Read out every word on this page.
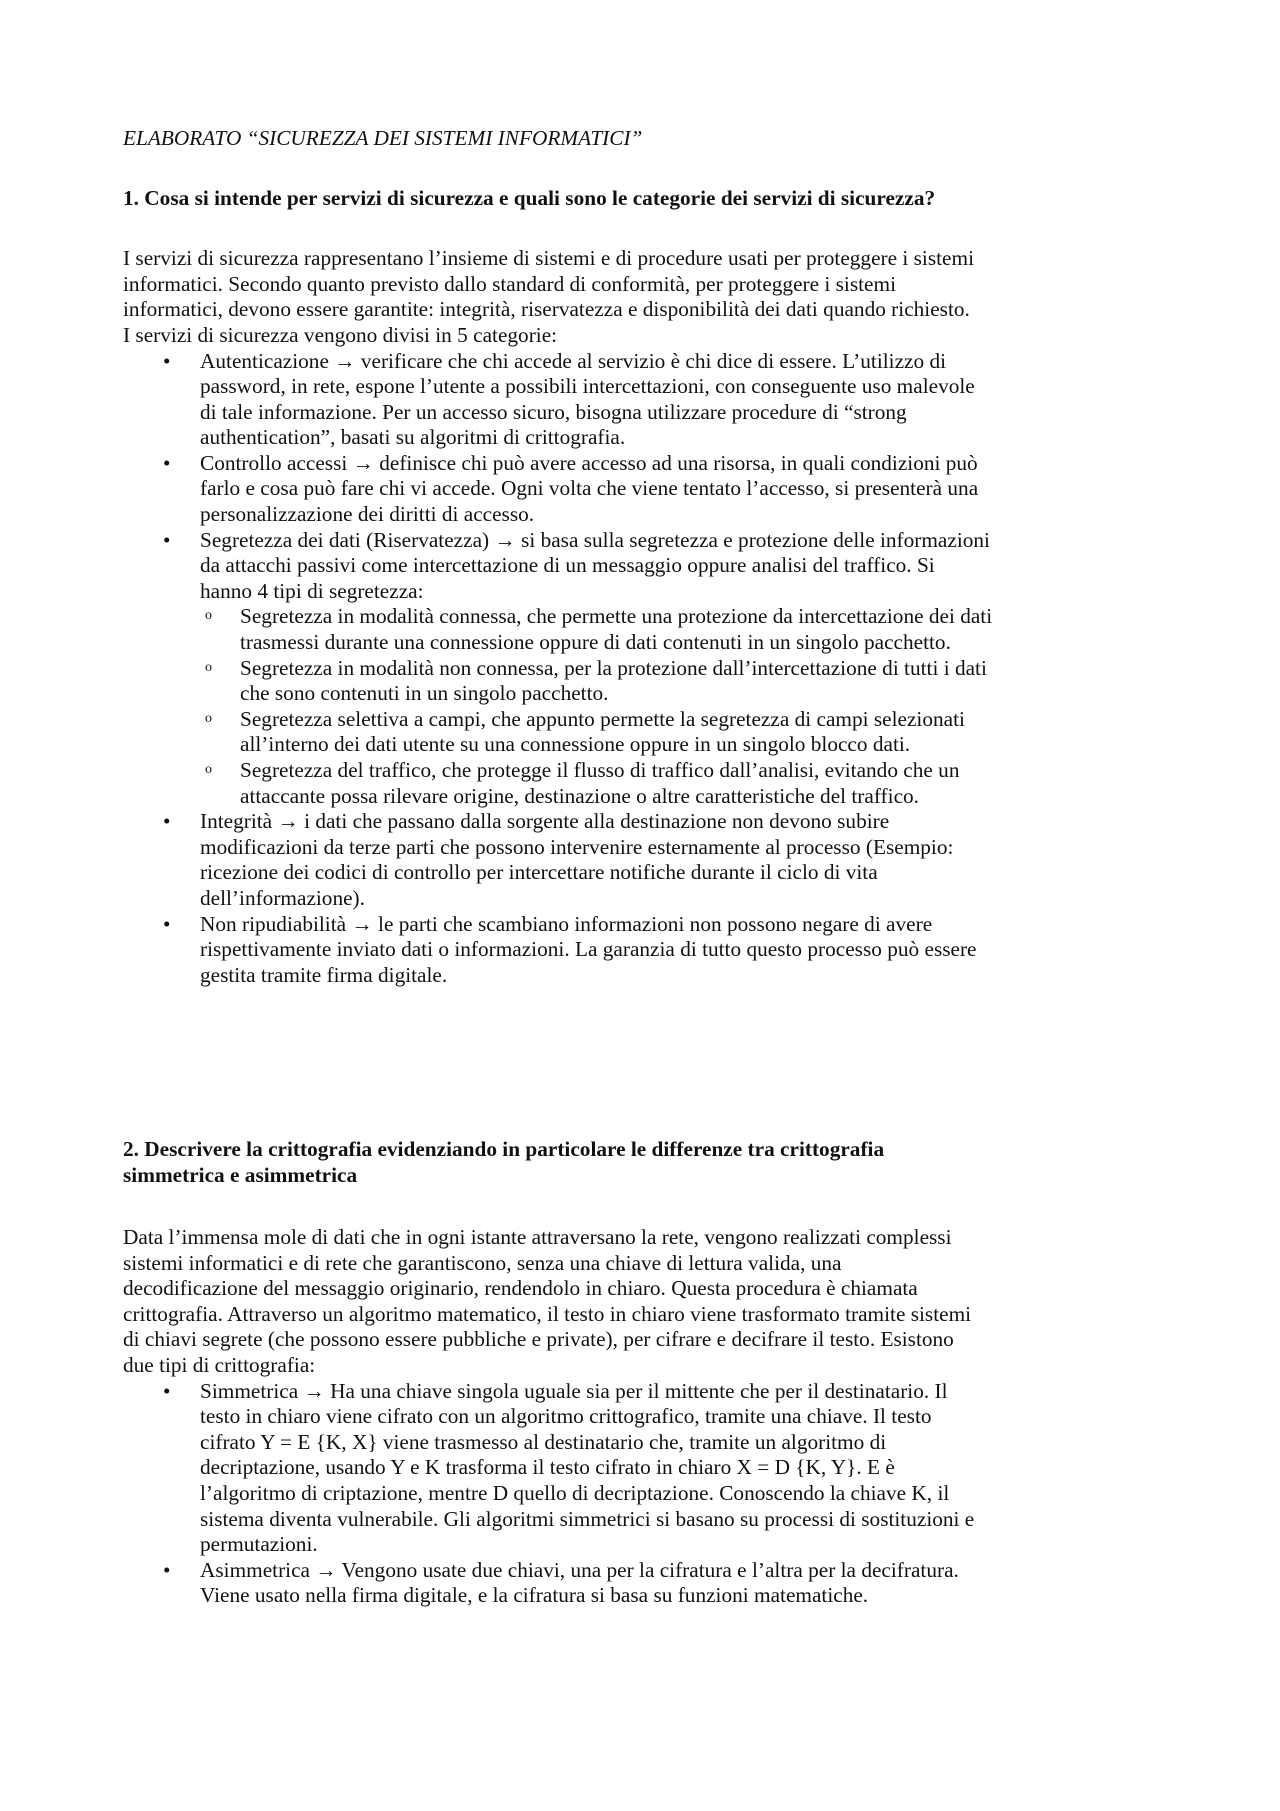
ELABORATO “SICUREZZA DEI SISTEMI INFORMATICI”
1. Cosa si intende per servizi di sicurezza e quali sono le categorie dei servizi di sicurezza?
I servizi di sicurezza rappresentano l’insieme di sistemi e di procedure usati per proteggere i sistemi
informatici. Secondo quanto previsto dallo standard di conformità, per proteggere i sistemi
informatici, devono essere garantite: integrità, riservatezza e disponibilità dei dati quando richiesto.
I servizi di sicurezza vengono divisi in 5 categorie:
• Autenticazione → verificare che chi accede al servizio è chi dice di essere. L’utilizzo di
password, in rete, espone l’utente a possibili intercettazioni, con conseguente uso malevole
di tale informazione. Per un accesso sicuro, bisogna utilizzare procedure di “strong
authentication”, basati su algoritmi di crittografia.
• Controllo accessi → definisce chi può avere accesso ad una risorsa, in quali condizioni può
farlo e cosa può fare chi vi accede. Ogni volta che viene tentato l’accesso, si presenterà una
personalizzazione dei diritti di accesso.
• Segretezza dei dati (Riservatezza) → si basa sulla segretezza e protezione delle informazioni
da attacchi passivi come intercettazione di un messaggio oppure analisi del traffico. Si
hanno 4 tipi di segretezza:
o Segretezza in modalità connessa, che permette una protezione da intercettazione dei dati
trasmessi durante una connessione oppure di dati contenuti in un singolo pacchetto.
o Segretezza in modalità non connessa, per la protezione dall’intercettazione di tutti i dati
che sono contenuti in un singolo pacchetto.
o Segretezza selettiva a campi, che appunto permette la segretezza di campi selezionati
all’interno dei dati utente su una connessione oppure in un singolo blocco dati.
o Segretezza del traffico, che protegge il flusso di traffico dall’analisi, evitando che un
attaccante possa rilevare origine, destinazione o altre caratteristiche del traffico.
• Integrità → i dati che passano dalla sorgente alla destinazione non devono subire
modificazioni da terze parti che possono intervenire esternamente al processo (Esempio:
ricezione dei codici di controllo per intercettare notifiche durante il ciclo di vita
dell’informazione).
• Non ripudiabilità → le parti che scambiano informazioni non possono negare di avere
rispettivamente inviato dati o informazioni. La garanzia di tutto questo processo può essere
gestita tramite firma digitale.
2. Descrivere la crittografia evidenziando in particolare le differenze tra crittografia
simmetrica e asimmetrica
Data l’immensa mole di dati che in ogni istante attraversano la rete, vengono realizzati complessi
sistemi informatici e di rete che garantiscono, senza una chiave di lettura valida, una
decodificazione del messaggio originario, rendendolo in chiaro. Questa procedura è chiamata
crittografia. Attraverso un algoritmo matematico, il testo in chiaro viene trasformato tramite sistemi
di chiavi segrete (che possono essere pubbliche e private), per cifrare e decifrare il testo. Esistono
due tipi di crittografia:
• Simmetrica → Ha una chiave singola uguale sia per il mittente che per il destinatario. Il
testo in chiaro viene cifrato con un algoritmo crittografico, tramite una chiave. Il testo
cifrato Y = E {K, X} viene trasmesso al destinatario che, tramite un algoritmo di
decriptazione, usando Y e K trasforma il testo cifrato in chiaro X = D {K, Y}. E è
l’algoritmo di criptazione, mentre D quello di decriptazione. Conoscendo la chiave K, il
sistema diventa vulnerabile. Gli algoritmi simmetrici si basano su processi di sostituzioni e
permutazioni.
• Asimmetrica → Vengono usate due chiavi, una per la cifratura e l’altra per la decifratura.
Viene usato nella firma digitale, e la cifratura si basa su funzioni matematiche.
